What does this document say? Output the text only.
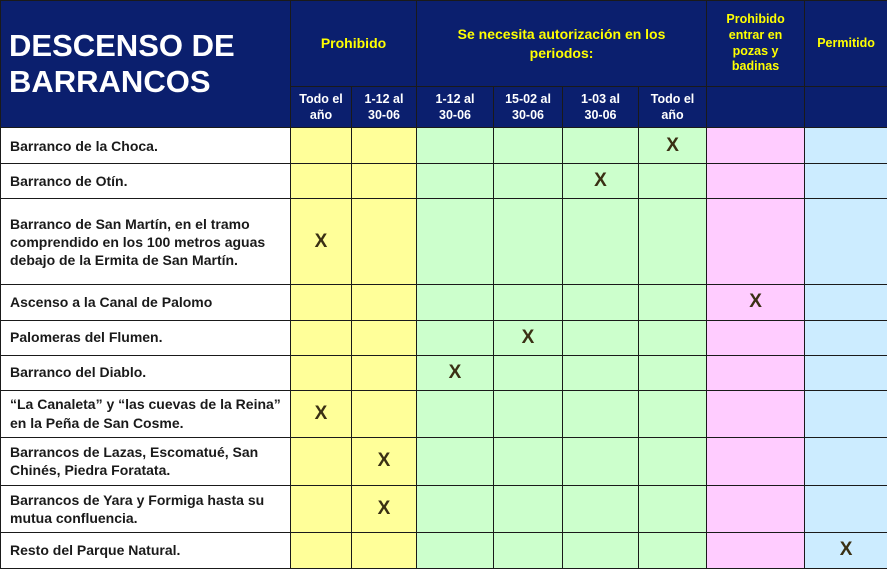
DESCENSO DE BARRANCOS	Prohibido		Se necesita autorización en los periodos:				Prohibido entrar en pozas y badinas	Permitido

	Todo el año	1-12 al 30-06	1-12 al 30-06	15-02 al 30-06	1-03 al 30-06	Todo el año		

Barranco de la Choca.						X		
Barranco de Otín.					X			
Barranco de San Martín, en el tramo comprendido en los 100 metros aguas debajo de la Ermita de San Martín.	X							
Ascenso a la Canal de Palomo							X	
Palomeras del Flumen.				X				
Barranco del Diablo.			X					
“La Canaleta” y “las cuevas de la Reina” en la Peña de San Cosme.	X							
Barrancos de Lazas, Escomatué, San Chinés, Piedra Foratata.		X						
Barrancos de Yara y Formiga hasta su mutua confluencia.		X						
Resto del Parque Natural.								X
